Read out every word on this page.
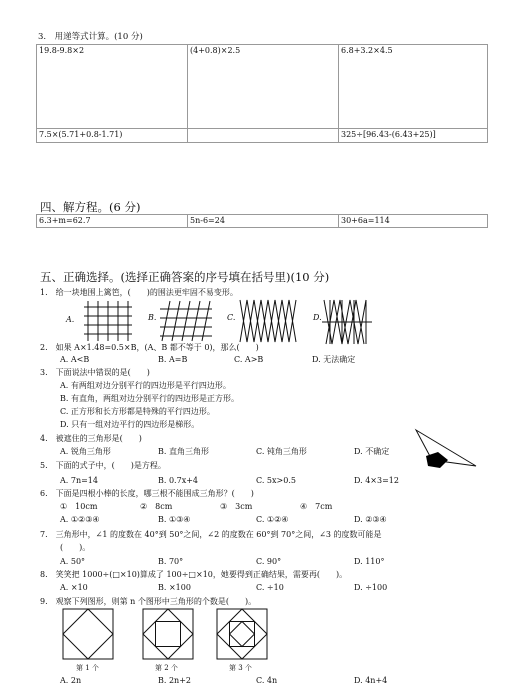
3.　用递等式计算。(10 分)
19.8-9.8×2	(4+0.8)×2.5	6.8+3.2×4.5
7.5×(5.71+0.8-1.71)		325÷[96.43-(6.43+25)]
四、解方程。(6 分)
6.3+m=62.7	5n-6=24	30+6a=114
五、正确选择。(选择正确答案的序号填在括号里)(10 分)
1.　给一块地围上篱笆，(　　)的围法更牢固不易变形。
A.	B.	C.	D.
2.　如果 A×1.48=0.5×B，(A、B 都不等于 0)，那么(　　)
A. A<B	B. A=B	C. A>B	D. 无法确定
3.　下面说法中错误的是(　　)
A. 有两组对边分别平行的四边形是平行四边形。
B. 有直角，两组对边分别平行的四边形是正方形。
C. 正方形和长方形都是特殊的平行四边形。
D. 只有一组对边平行的四边形是梯形。
4.　被遮住的三角形是(　　)
A. 锐角三角形	B. 直角三角形	C. 钝角三角形	D. 不确定
5.　下面的式子中，(　　)是方程。
A. 7n=14	B. 0.7x+4	C. 5x>0.5	D. 4×3=12
6.　下面是四根小棒的长度，哪三根不能围成三角形？(　　)
①　10cm	②　8cm	③　3cm	④　7cm
A. ①②③④	B. ①③④	C. ①②④	D. ②③④
7.　三角形中，∠1 的度数在 40°到 50°之间，∠2 的度数在 60°到 70°之间，∠3 的度数可能是
(　　)。
A. 50°	B. 70°	C. 90°	D. 110°
8.　笑笑把 1000÷(□×10)算成了 100÷□×10，她要得到正确结果，需要再(　　)。
A. ×10	B. ×100	C. ÷10	D. ÷100
9.　观察下列图形，则第 n 个图形中三角形的个数是(　　)。
第 1 个	第 2 个	第 3 个
A. 2n	B. 2n+2	C. 4n	D. 4n+4
